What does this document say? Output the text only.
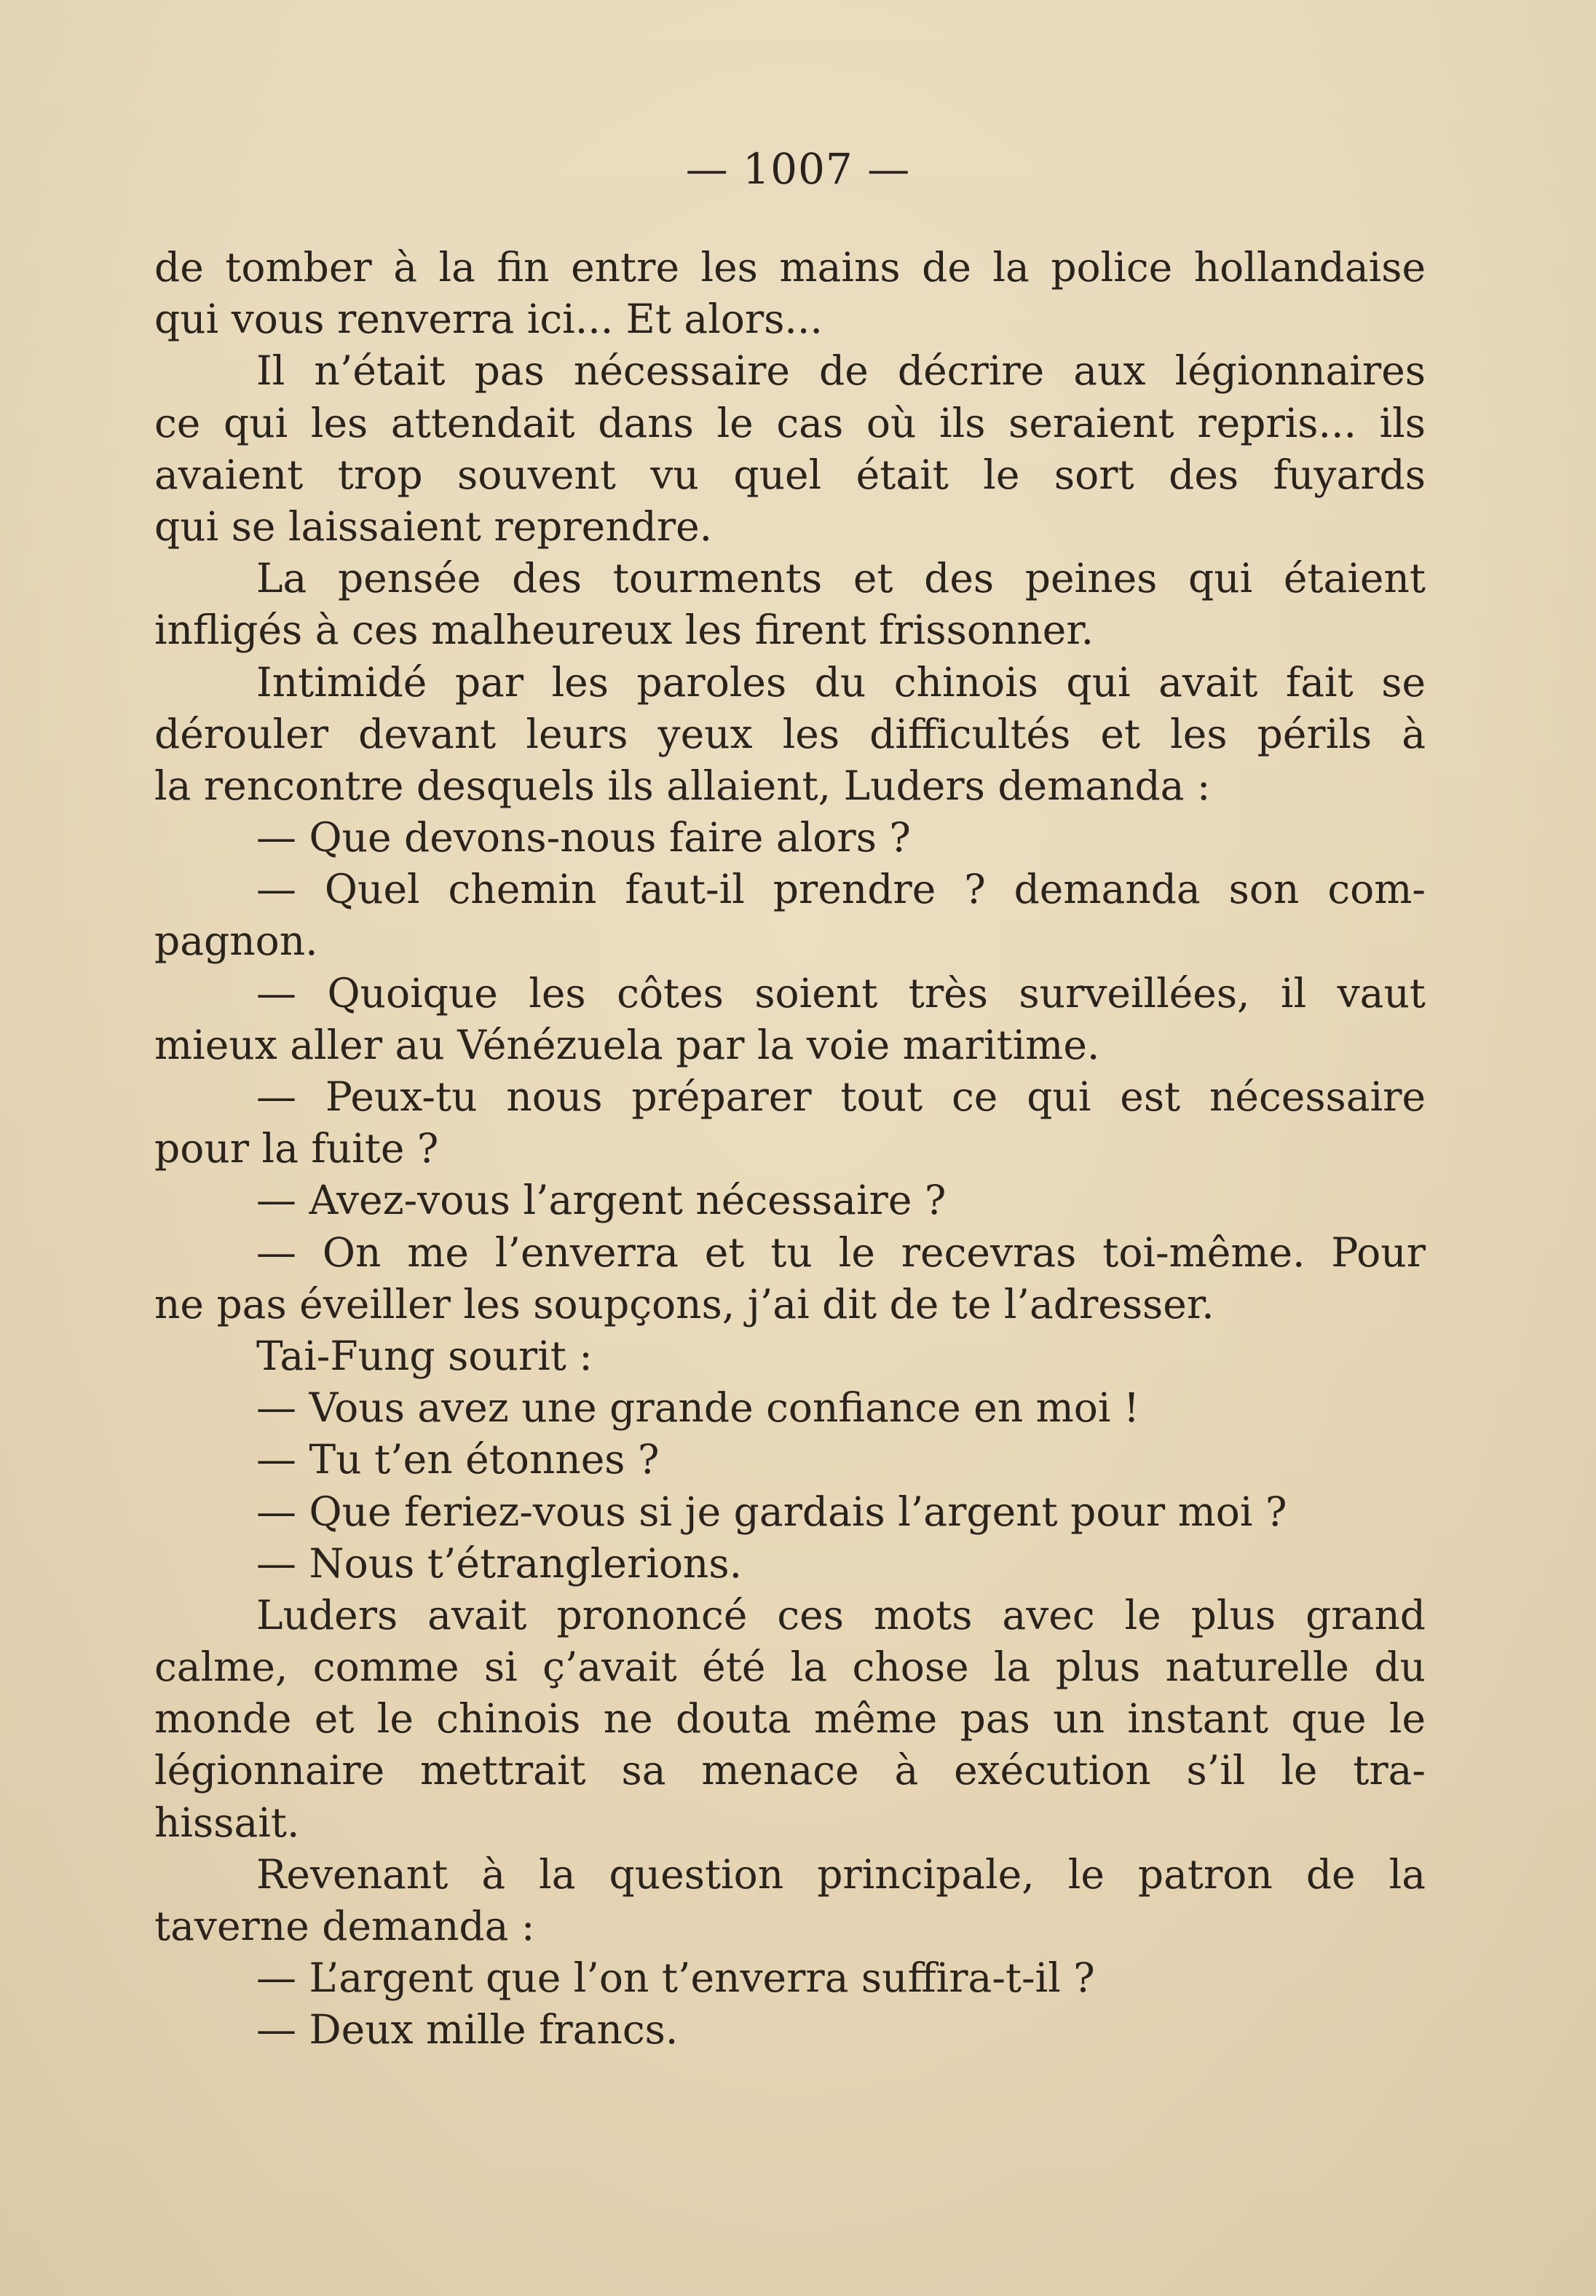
— 1007 —
de tomber à la fin entre les mains de la police hollandaise
qui vous renverra ici... Et alors...
Il n’était pas nécessaire de décrire aux légionnaires
ce qui les attendait dans le cas où ils seraient repris... ils
avaient trop souvent vu quel était le sort des fuyards
qui se laissaient reprendre.
La pensée des tourments et des peines qui étaient
infligés à ces malheureux les firent frissonner.
Intimidé par les paroles du chinois qui avait fait se
dérouler devant leurs yeux les difficultés et les périls à
la rencontre desquels ils allaient, Luders demanda :
— Que devons-nous faire alors ?
— Quel chemin faut-il prendre ? demanda son com-
pagnon.
— Quoique les côtes soient très surveillées, il vaut
mieux aller au Vénézuela par la voie maritime.
— Peux-tu nous préparer tout ce qui est nécessaire
pour la fuite ?
— Avez-vous l’argent nécessaire ?
— On me l’enverra et tu le recevras toi-même. Pour
ne pas éveiller les soupçons, j’ai dit de te l’adresser.
Tai-Fung sourit :
— Vous avez une grande confiance en moi !
— Tu t’en étonnes ?
— Que feriez-vous si je gardais l’argent pour moi ?
— Nous t’étranglerions.
Luders avait prononcé ces mots avec le plus grand
calme, comme si ç’avait été la chose la plus naturelle du
monde et le chinois ne douta même pas un instant que le
légionnaire mettrait sa menace à exécution s’il le tra-
hissait.
Revenant à la question principale, le patron de la
taverne demanda :
— L’argent que l’on t’enverra suffira-t-il ?
— Deux mille francs.
